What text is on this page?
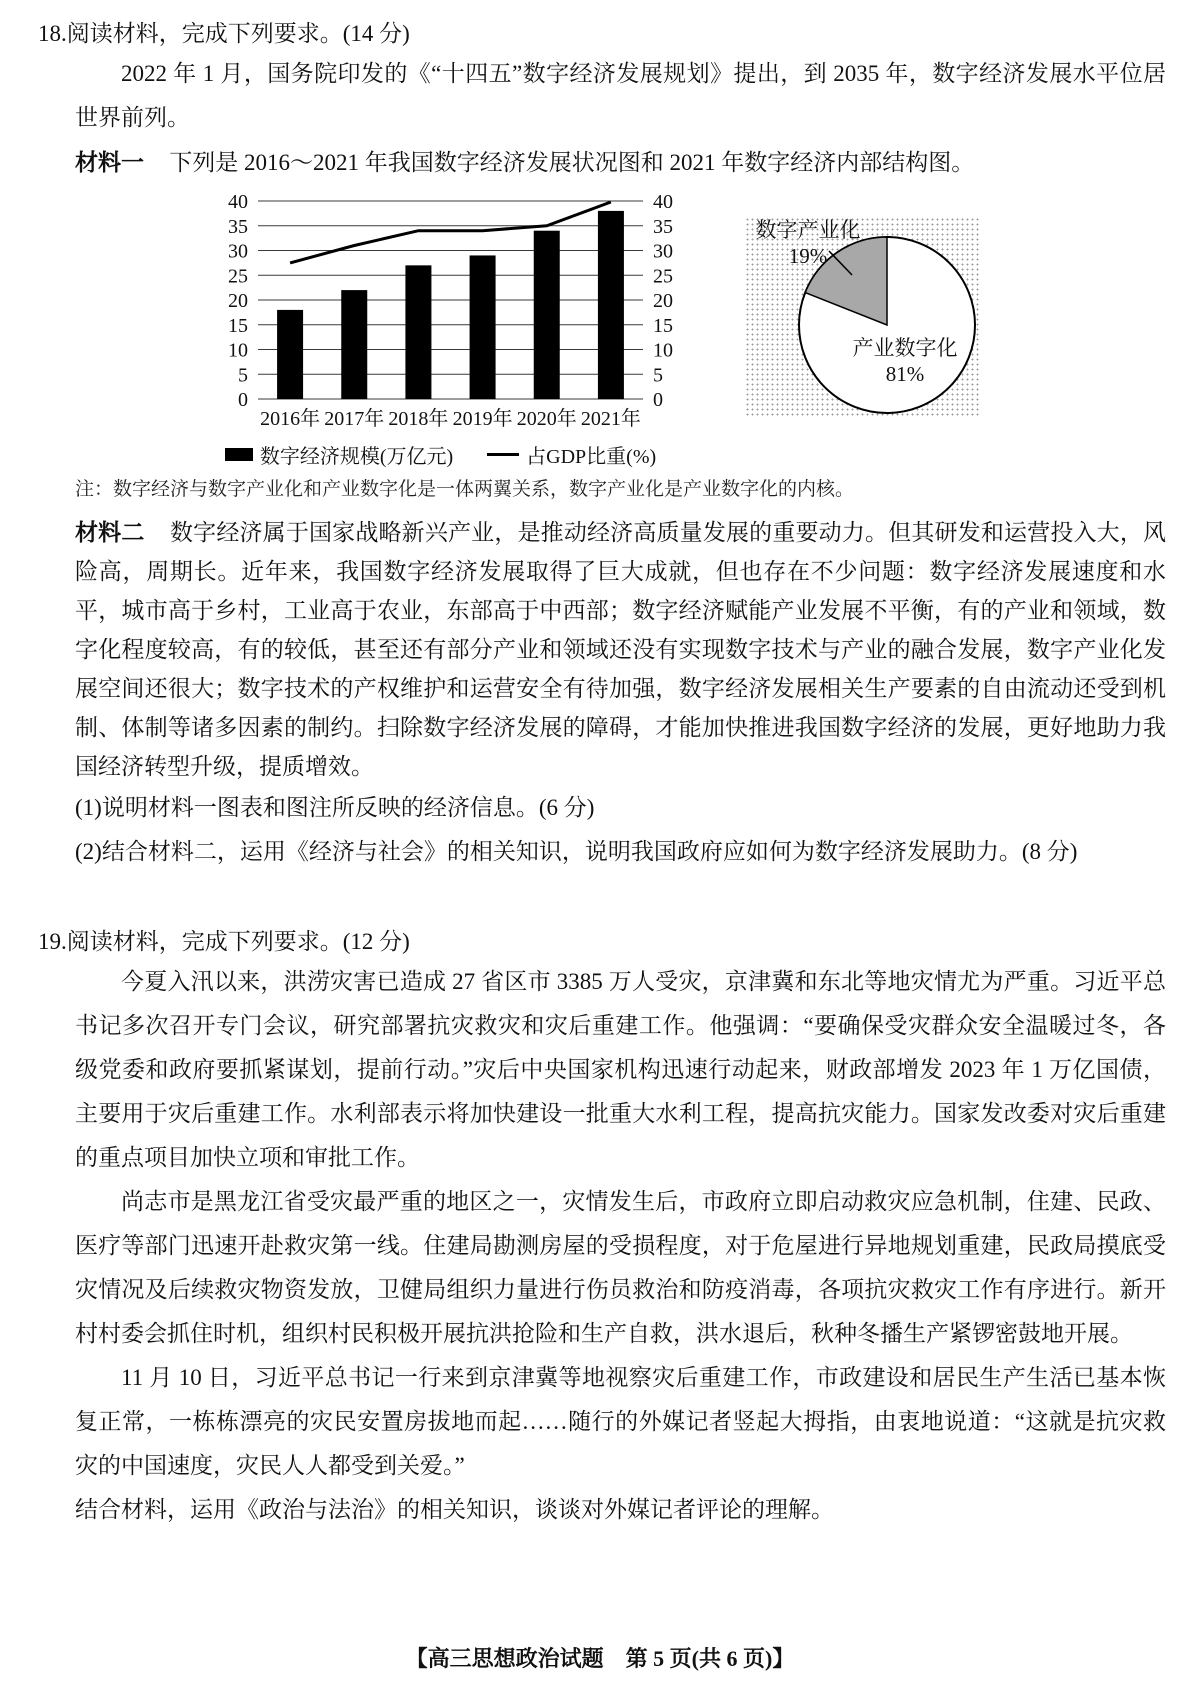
18.阅读材料，完成下列要求。(14 分)

2022 年 1 月，国务院印发的《“十四五”数字经济发展规划》提出，到 2035 年，数字经济发展水平位居世界前列。

材料一 下列是 2016～2021 年我国数字经济发展状况图和 2021 年数字经济内部结构图。

0	0
5	5
10	10
15	15
20	20
25	25
30	30
35	35
40	40
2016年 2017年 2018年 2019年 2020年 2021年
数字经济规模(万亿元)	占GDP比重(%)
数字产业化
19%
产业数字化
81%

注：数字经济与数字产业化和产业数字化是一体两翼关系，数字产业化是产业数字化的内核。

材料二 数字经济属于国家战略新兴产业，是推动经济高质量发展的重要动力。但其研发和运营投入大，风险高，周期长。近年来，我国数字经济发展取得了巨大成就，但也存在不少问题：数字经济发展速度和水平，城市高于乡村，工业高于农业，东部高于中西部；数字经济赋能产业发展不平衡，有的产业和领域，数字化程度较高，有的较低，甚至还有部分产业和领域还没有实现数字技术与产业的融合发展，数字产业化发展空间还很大；数字技术的产权维护和运营安全有待加强，数字经济发展相关生产要素的自由流动还受到机制、体制等诸多因素的制约。扫除数字经济发展的障碍，才能加快推进我国数字经济的发展，更好地助力我国经济转型升级，提质增效。

(1)说明材料一图表和图注所反映的经济信息。(6 分)

(2)结合材料二，运用《经济与社会》的相关知识，说明我国政府应如何为数字经济发展助力。(8 分)

19.阅读材料，完成下列要求。(12 分)

今夏入汛以来，洪涝灾害已造成 27 省区市 3385 万人受灾，京津冀和东北等地灾情尤为严重。习近平总书记多次召开专门会议，研究部署抗灾救灾和灾后重建工作。他强调：“要确保受灾群众安全温暖过冬，各级党委和政府要抓紧谋划，提前行动。”灾后中央国家机构迅速行动起来，财政部增发 2023 年 1 万亿国债，主要用于灾后重建工作。水利部表示将加快建设一批重大水利工程，提高抗灾能力。国家发改委对灾后重建的重点项目加快立项和审批工作。

尚志市是黑龙江省受灾最严重的地区之一，灾情发生后，市政府立即启动救灾应急机制，住建、民政、医疗等部门迅速开赴救灾第一线。住建局勘测房屋的受损程度，对于危屋进行异地规划重建，民政局摸底受灾情况及后续救灾物资发放，卫健局组织力量进行伤员救治和防疫消毒，各项抗灾救灾工作有序进行。新开村村委会抓住时机，组织村民积极开展抗洪抢险和生产自救，洪水退后，秋种冬播生产紧锣密鼓地开展。

11 月 10 日，习近平总书记一行来到京津冀等地视察灾后重建工作，市政建设和居民生产生活已基本恢复正常，一栋栋漂亮的灾民安置房拔地而起……随行的外媒记者竖起大拇指，由衷地说道：“这就是抗灾救灾的中国速度，灾民人人都受到关爱。”

结合材料，运用《政治与法治》的相关知识，谈谈对外媒记者评论的理解。

【高三思想政治试题　第 5 页(共 6 页)】
